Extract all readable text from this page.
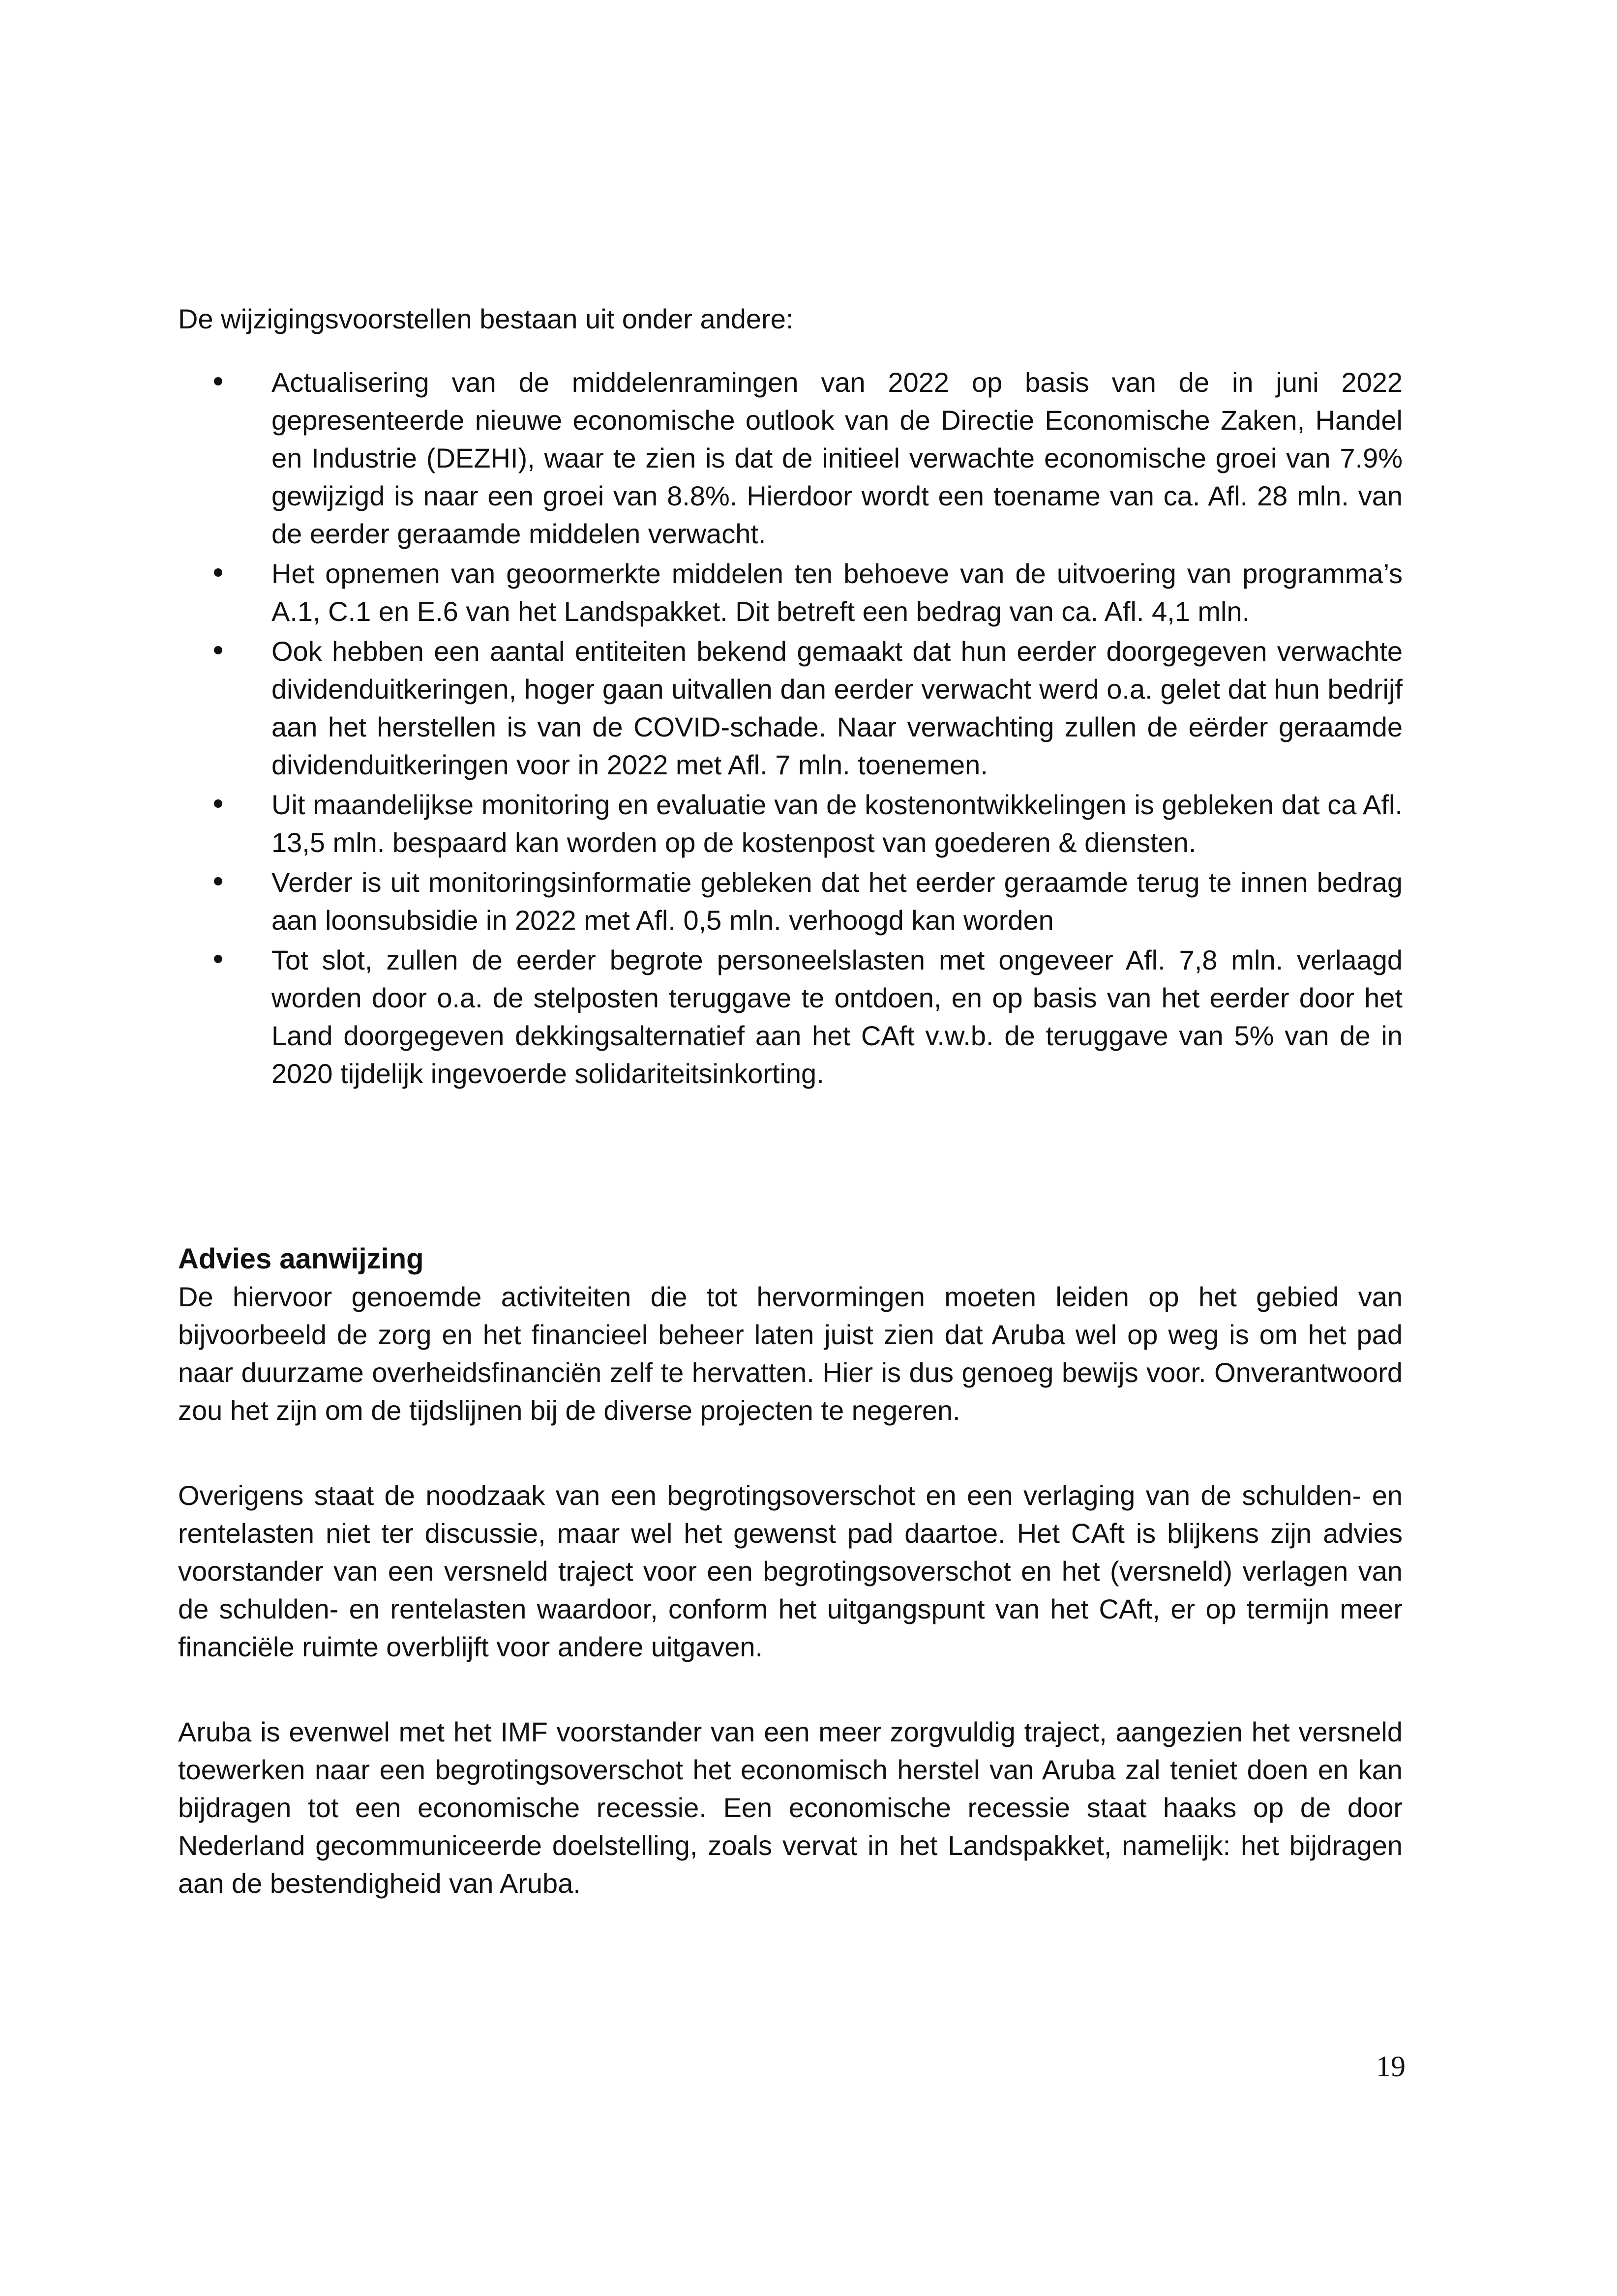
De wijzigingsvoorstellen bestaan uit onder andere:

Actualisering van de middelenramingen van 2022 op basis van de in juni 2022 gepresenteerde nieuwe economische outlook van de Directie Economische Zaken, Handel en Industrie (DEZHI), waar te zien is dat de initieel verwachte economische groei van 7.9% gewijzigd is naar een groei van 8.8%. Hierdoor wordt een toename van ca. Afl. 28 mln. van de eerder geraamde middelen verwacht.
Het opnemen van geoormerkte middelen ten behoeve van de uitvoering van programma’s A.1, C.1 en E.6 van het Landspakket. Dit betreft een bedrag van ca. Afl. 4,1 mln.
Ook hebben een aantal entiteiten bekend gemaakt dat hun eerder doorgegeven verwachte dividenduitkeringen, hoger gaan uitvallen dan eerder verwacht werd o.a. gelet dat hun bedrijf aan het herstellen is van de COVID-schade. Naar verwachting zullen de eërder geraamde dividenduitkeringen voor in 2022 met Afl. 7 mln. toenemen.
Uit maandelijkse monitoring en evaluatie van de kostenontwikkelingen is gebleken dat ca Afl. 13,5 mln. bespaard kan worden op de kostenpost van goederen & diensten.
Verder is uit monitoringsinformatie gebleken dat het eerder geraamde terug te innen bedrag aan loonsubsidie in 2022 met Afl. 0,5 mln. verhoogd kan worden
Tot slot, zullen de eerder begrote personeelslasten met ongeveer Afl. 7,8 mln. verlaagd worden door o.a. de stelposten teruggave te ontdoen, en op basis van het eerder door het Land doorgegeven dekkingsalternatief aan het CAft v.w.b. de teruggave van 5% van de in 2020 tijdelijk ingevoerde solidariteitsinkorting.
Advies aanwijzing

De hiervoor genoemde activiteiten die tot hervormingen moeten leiden op het gebied van bijvoorbeeld de zorg en het financieel beheer laten juist zien dat Aruba wel op weg is om het pad naar duurzame overheidsfinanciën zelf te hervatten. Hier is dus genoeg bewijs voor. Onverantwoord zou het zijn om de tijdslijnen bij de diverse projecten te negeren.

Overigens staat de noodzaak van een begrotingsoverschot en een verlaging van de schulden- en rentelasten niet ter discussie, maar wel het gewenst pad daartoe. Het CAft is blijkens zijn advies voorstander van een versneld traject voor een begrotingsoverschot en het (versneld) verlagen van de schulden- en rentelasten waardoor, conform het uitgangspunt van het CAft, er op termijn meer financiële ruimte overblijft voor andere uitgaven.

Aruba is evenwel met het IMF voorstander van een meer zorgvuldig traject, aangezien het versneld toewerken naar een begrotingsoverschot het economisch herstel van Aruba zal teniet doen en kan bijdragen tot een economische recessie. Een economische recessie staat haaks op de door Nederland gecommuniceerde doelstelling, zoals vervat in het Landspakket, namelijk: het bijdragen aan de bestendigheid van Aruba.

19
